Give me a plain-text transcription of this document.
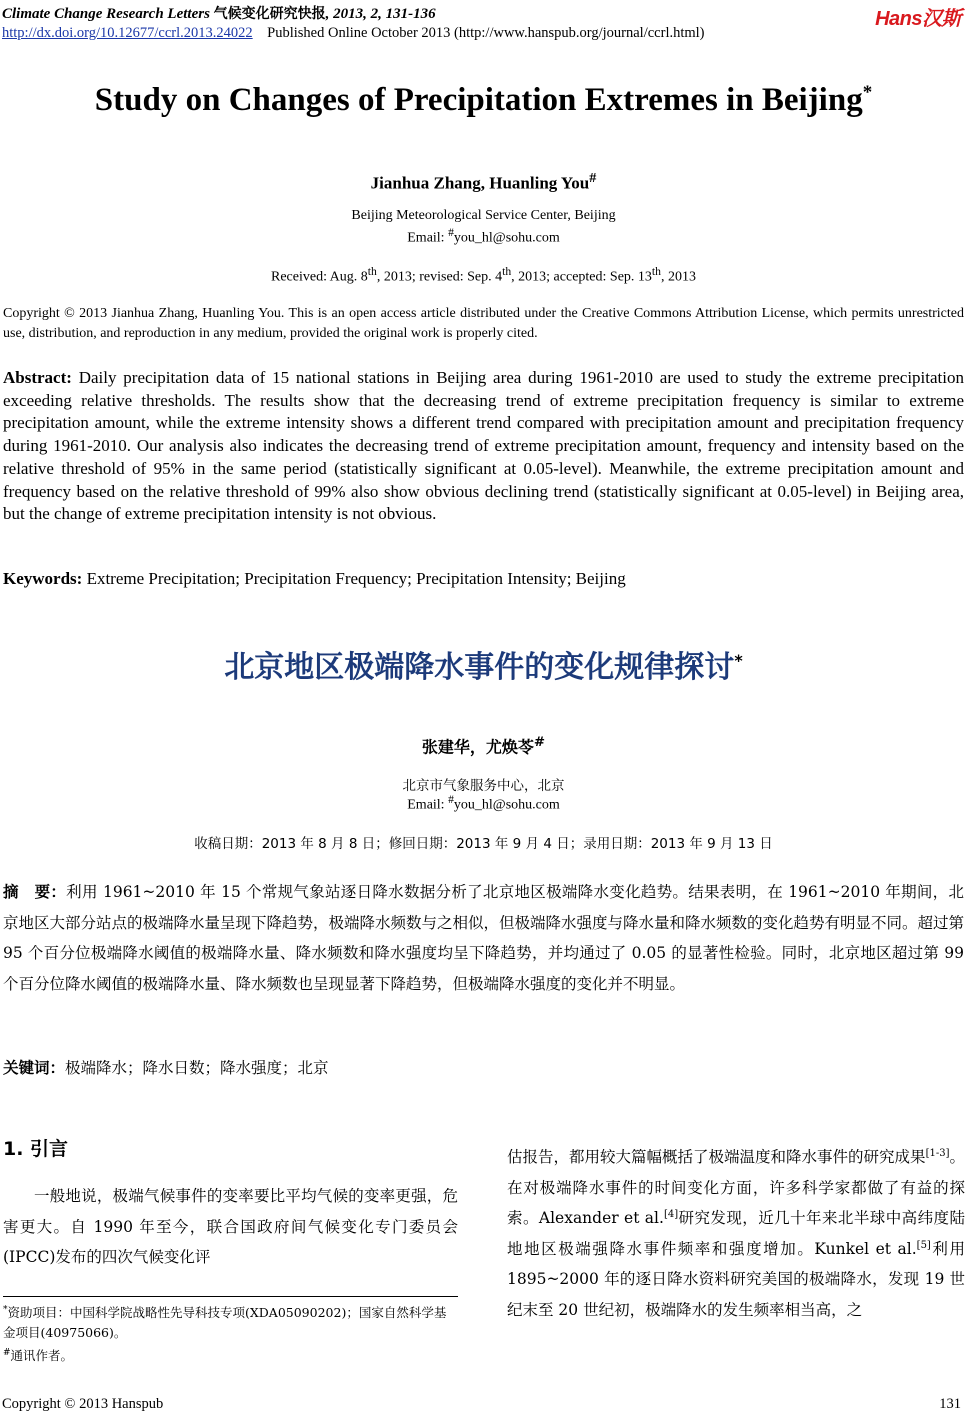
Climate Change Research Letters 气候变化研究快报, 2013, 2, 131-136
http://dx.doi.org/10.12677/ccrl.2013.24022 Published Online October 2013 (http://www.hanspub.org/journal/ccrl.html)
Hans汉斯
Study on Changes of Precipitation Extremes in Beijing*
Jianhua Zhang, Huanling You#
Beijing Meteorological Service Center, Beijing
Email: #you_hl@sohu.com
Received: Aug. 8th, 2013; revised: Sep. 4th, 2013; accepted: Sep. 13th, 2013
Copyright © 2013 Jianhua Zhang, Huanling You. This is an open access article distributed under the Creative Commons Attribution License, which permits unrestricted use, distribution, and reproduction in any medium, provided the original work is properly cited.
Abstract: Daily precipitation data of 15 national stations in Beijing area during 1961-2010 are used to study the extreme precipitation exceeding relative thresholds. The results show that the decreasing trend of extreme precipitation frequency is similar to extreme precipitation amount, while the extreme intensity shows a different trend compared with precipitation amount and precipitation frequency during 1961-2010. Our analysis also indicates the decreasing trend of extreme precipitation amount, frequency and intensity based on the relative threshold of 95% in the same period (statistically significant at 0.05-level). Meanwhile, the extreme precipitation amount and frequency based on the relative threshold of 99% also show obvious declining trend (statistically significant at 0.05-level) in Beijing area, but the change of extreme precipitation intensity is not obvious.
Keywords: Extreme Precipitation; Precipitation Frequency; Precipitation Intensity; Beijing
北京地区极端降水事件的变化规律探讨*
张建华，尤焕苓#
北京市气象服务中心，北京
Email: #you_hl@sohu.com
收稿日期：2013 年 8 月 8 日；修回日期：2013 年 9 月 4 日；录用日期：2013 年 9 月 13 日
摘　要：利用 1961~2010 年 15 个常规气象站逐日降水数据分析了北京地区极端降水变化趋势。结果表明，在 1961~2010 年期间，北京地区大部分站点的极端降水量呈现下降趋势，极端降水频数与之相似，但极端降水强度与降水量和降水频数的变化趋势有明显不同。超过第 95 个百分位极端降水阈值的极端降水量、降水频数和降水强度均呈下降趋势，并均通过了 0.05 的显著性检验。同时，北京地区超过第 99 个百分位降水阈值的极端降水量、降水频数也呈现显著下降趋势，但极端降水强度的变化并不明显。
关键词：极端降水；降水日数；降水强度；北京
1. 引言
一般地说，极端气候事件的变率要比平均气候的变率更强，危害更大。自 1990 年至今，联合国政府间气候变化专门委员会(IPCC)发布的四次气候变化评
估报告，都用较大篇幅概括了极端温度和降水事件的研究成果[1-3]。在对极端降水事件的时间变化方面，许多科学家都做了有益的探索。Alexander et al.[4]研究发现，近几十年来北半球中高纬度陆地地区极端强降水事件频率和强度增加。Kunkel et al.[5]利用 1895~2000 年的逐日降水资料研究美国的极端降水，发现 19 世纪末至 20 世纪初，极端降水的发生频率相当高，之
*资助项目：中国科学院战略性先导科技专项(XDA05090202)；国家自然科学基金项目(40975066)。
#通讯作者。
Copyright © 2013 Hanspub	131
